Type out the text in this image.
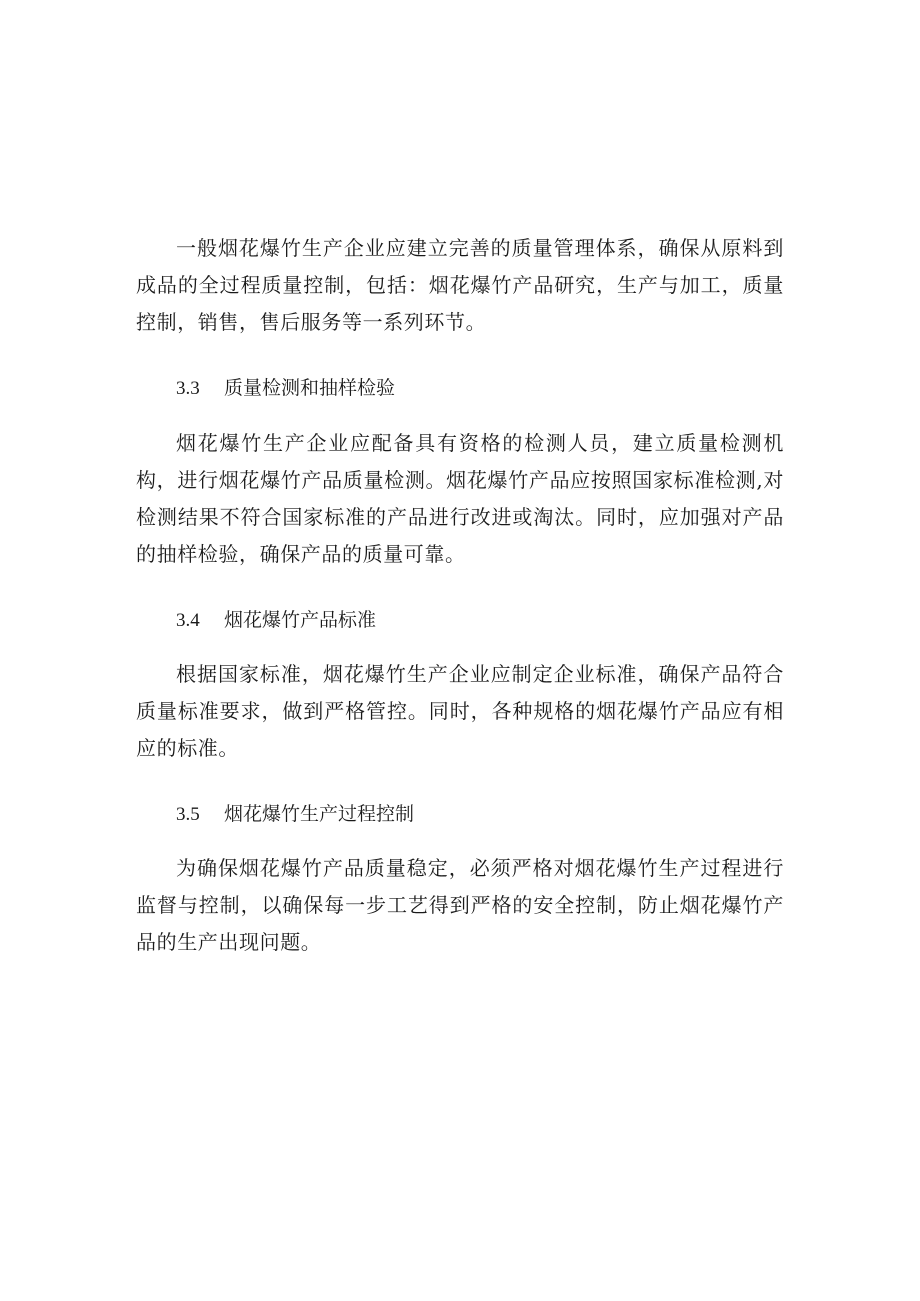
一般烟花爆竹生产企业应建立完善的质量管理体系，确保从原料到成品的全过程质量控制，包括：烟花爆竹产品研究，生产与加工，质量控制，销售，售后服务等一系列环节。

3.3 质量检测和抽样检验

烟花爆竹生产企业应配备具有资格的检测人员，建立质量检测机构，进行烟花爆竹产品质量检测。烟花爆竹产品应按照国家标准检测,对检测结果不符合国家标准的产品进行改进或淘汰。同时，应加强对产品的抽样检验，确保产品的质量可靠。

3.4 烟花爆竹产品标准

根据国家标准，烟花爆竹生产企业应制定企业标准，确保产品符合质量标准要求，做到严格管控。同时，各种规格的烟花爆竹产品应有相应的标准。

3.5 烟花爆竹生产过程控制

为确保烟花爆竹产品质量稳定，必须严格对烟花爆竹生产过程进行监督与控制，以确保每一步工艺得到严格的安全控制，防止烟花爆竹产品的生产出现问题。
